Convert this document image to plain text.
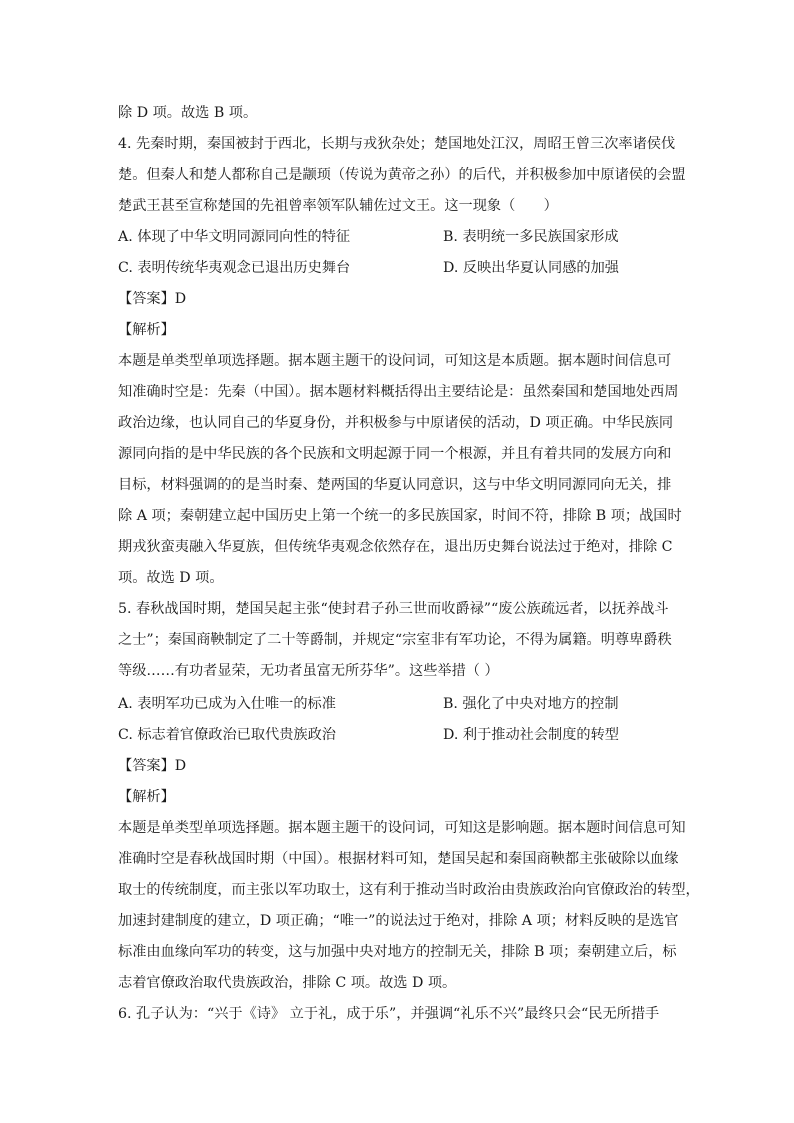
除 D 项。故选 B 项。
4. 先秦时期，秦国被封于西北，长期与戎狄杂处；楚国地处江汉，周昭王曾三次率诸侯伐
楚。但秦人和楚人都称自己是颛顼（传说为黄帝之孙）的后代，并积极参加中原诸侯的会盟
楚武王甚至宣称楚国的先祖曾率领军队辅佐过文王。这一现象（　　）
A. 体现了中华文明同源同向性的特征	B. 表明统一多民族国家形成
C. 表明传统华夷观念已退出历史舞台	D. 反映出华夏认同感的加强
【答案】D
【解析】
本题是单类型单项选择题。据本题主题干的设问词，可知这是本质题。据本题时间信息可
知准确时空是：先秦（中国）。据本题材料概括得出主要结论是：虽然秦国和楚国地处西周
政治边缘，也认同自己的华夏身份，并积极参与中原诸侯的活动，D 项正确。中华民族同
源同向指的是中华民族的各个民族和文明起源于同一个根源，并且有着共同的发展方向和
目标，材料强调的的是当时秦、楚两国的华夏认同意识，这与中华文明同源同向无关，排
除 A 项；秦朝建立起中国历史上第一个统一的多民族国家，时间不符，排除 B 项；战国时
期戎狄蛮夷融入华夏族，但传统华夷观念依然存在，退出历史舞台说法过于绝对，排除 C
项。故选 D 项。
5. 春秋战国时期，楚国吴起主张“使封君子孙三世而收爵禄”“废公族疏远者，以抚养战斗
之士”；秦国商鞅制定了二十等爵制，并规定“宗室非有军功论，不得为属籍。明尊卑爵秩
等级……有功者显荣，无功者虽富无所芬华”。这些举措（ ）
A. 表明军功已成为入仕唯一的标准	B. 强化了中央对地方的控制
C. 标志着官僚政治已取代贵族政治	D. 利于推动社会制度的转型
【答案】D
【解析】
本题是单类型单项选择题。据本题主题干的设问词，可知这是影响题。据本题时间信息可知
准确时空是春秋战国时期（中国）。根据材料可知，楚国吴起和秦国商鞅都主张破除以血缘
取士的传统制度，而主张以军功取士，这有利于推动当时政治由贵族政治向官僚政治的转型，
加速封建制度的建立，D 项正确；“唯一”的说法过于绝对，排除 A 项；材料反映的是选官
标准由血缘向军功的转变，这与加强中央对地方的控制无关，排除 B 项；秦朝建立后，标
志着官僚政治取代贵族政治，排除 C 项。故选 D 项。
6. 孔子认为：“兴于《诗》 立于礼，成于乐”，并强调“礼乐不兴”最终只会“民无所措手
